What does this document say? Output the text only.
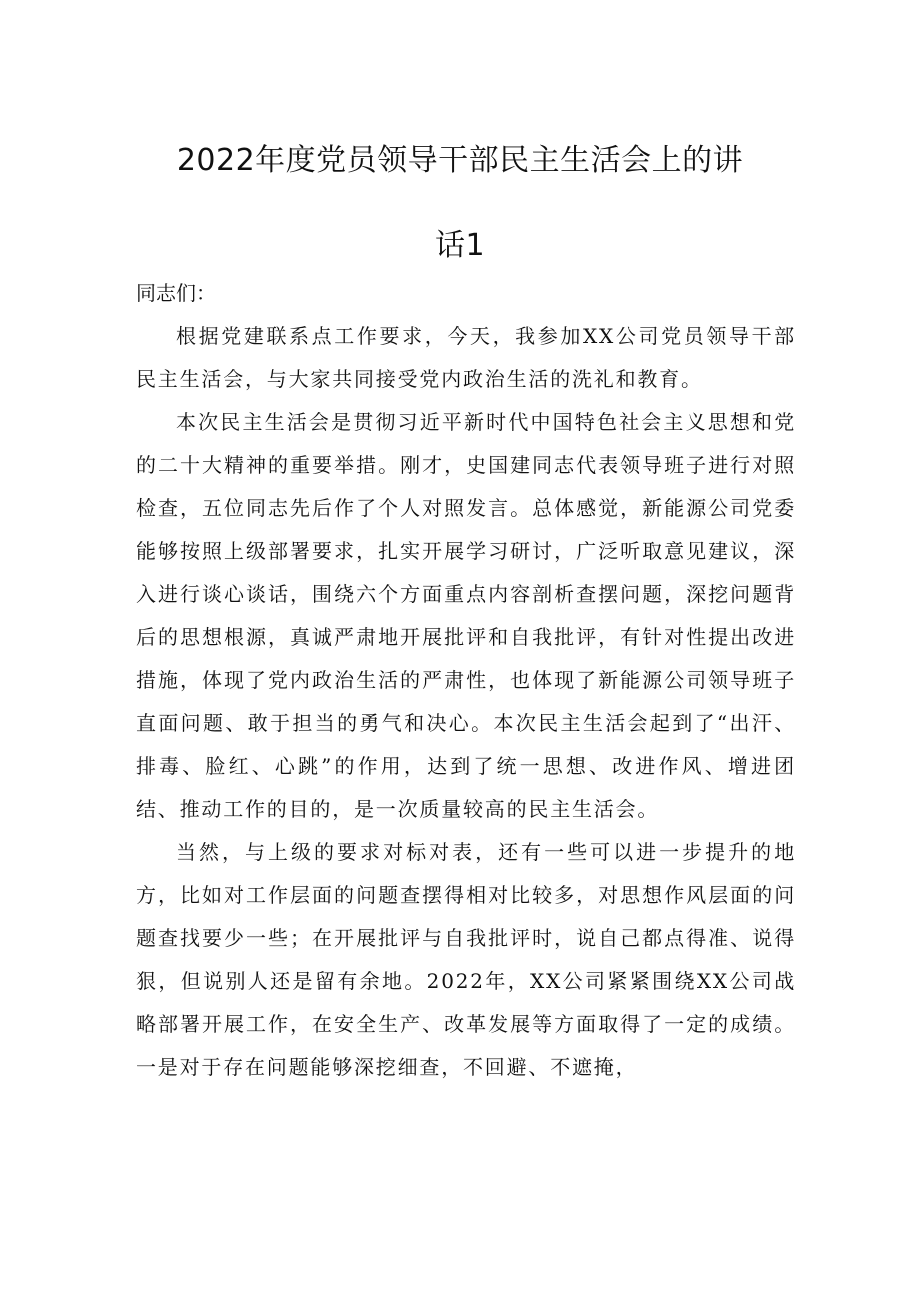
2022年度党员领导干部民主生活会上的讲
话1

同志们：

根据党建联系点工作要求，今天，我参加XX公司党员领导干部民主生活会，与大家共同接受党内政治生活的洗礼和教育。

本次民主生活会是贯彻习近平新时代中国特色社会主义思想和党的二十大精神的重要举措。刚才，史国建同志代表领导班子进行对照检查，五位同志先后作了个人对照发言。总体感觉，新能源公司党委能够按照上级部署要求，扎实开展学习研讨，广泛听取意见建议，深入进行谈心谈话，围绕六个方面重点内容剖析查摆问题，深挖问题背后的思想根源，真诚严肃地开展批评和自我批评，有针对性提出改进措施，体现了党内政治生活的严肃性，也体现了新能源公司领导班子直面问题、敢于担当的勇气和决心。本次民主生活会起到了“出汗、排毒、脸红、心跳”的作用，达到了统一思想、改进作风、增进团结、推动工作的目的，是一次质量较高的民主生活会。

当然，与上级的要求对标对表，还有一些可以进一步提升的地方，比如对工作层面的问题查摆得相对比较多，对思想作风层面的问题查找要少一些；在开展批评与自我批评时，说自己都点得准、说得狠，但说别人还是留有余地。2022年，XX公司紧紧围绕XX公司战略部署开展工作，在安全生产、改革发展等方面取得了一定的成绩。一是对于存在问题能够深挖细查，不回避、不遮掩，
